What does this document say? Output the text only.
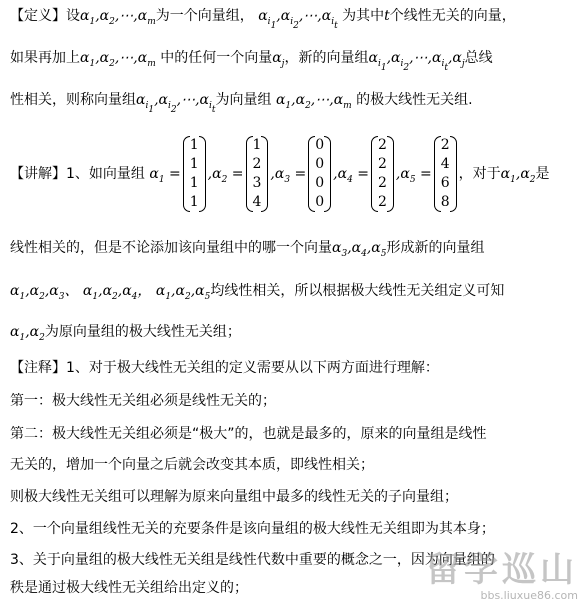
【定义】设$\alpha_1,\alpha_2,\cdots,\alpha_m$为一个向量组， $\alpha_{i_1},\alpha_{i_2},\cdots,\alpha_{i_t}$ 为其中t个线性无关的向量，
如果再加上$\alpha_1,\alpha_2,\cdots,\alpha_m$ 中的任何一个向量$\alpha_j$，新的向量组$\alpha_{i_1},\alpha_{i_2},\cdots,\alpha_{i_t},\alpha_j$总线
性相关，则称向量组$\alpha_{i_1},\alpha_{i_2},\cdots,\alpha_{i_t}$为向量组 $\alpha_1,\alpha_2,\cdots,\alpha_m$ 的极大线性无关组.
【讲解】 1、如向量组 $\alpha_1$ =
1
1
1
1
$,\alpha_2$ =
1
2
3
4
$,\alpha_3$ =
0
0
0
0
$,\alpha_4$ =
2
2
2
2
$,\alpha_5$ =
2
4
6
8
，对于 $\alpha_1,\alpha_2$ 是
线性相关的，但是不论添加该向量组中的哪一个向量$\alpha_3,\alpha_4,\alpha_5$形成新的向量组
$\alpha_1,\alpha_2,\alpha_3$、 $\alpha_1,\alpha_2,\alpha_4$， $\alpha_1,\alpha_2,\alpha_5$均线性相关，所以根据极大线性无关组定义可知
$\alpha_1,\alpha_2$为原向量组的极大线性无关组；
【注释】1、对于极大线性无关组的定义需要从以下两方面进行理解：
第一：极大线性无关组必须是线性无关的；
第二：极大线性无关组必须是“极大”的，也就是最多的，原来的向量组是线性
无关的，增加一个向量之后就会改变其本质，即线性相关；
则极大线性无关组可以理解为原来向量组中最多的线性无关的子向量组；
2、一个向量组线性无关的充要条件是该向量组的极大线性无关组即为其本身；
3、关于向量组的极大线性无关组是线性代数中重要的概念之一，因为向量组的
秩是通过极大线性无关组给出定义的；	留学巡山
bbs.liuxue86.com
